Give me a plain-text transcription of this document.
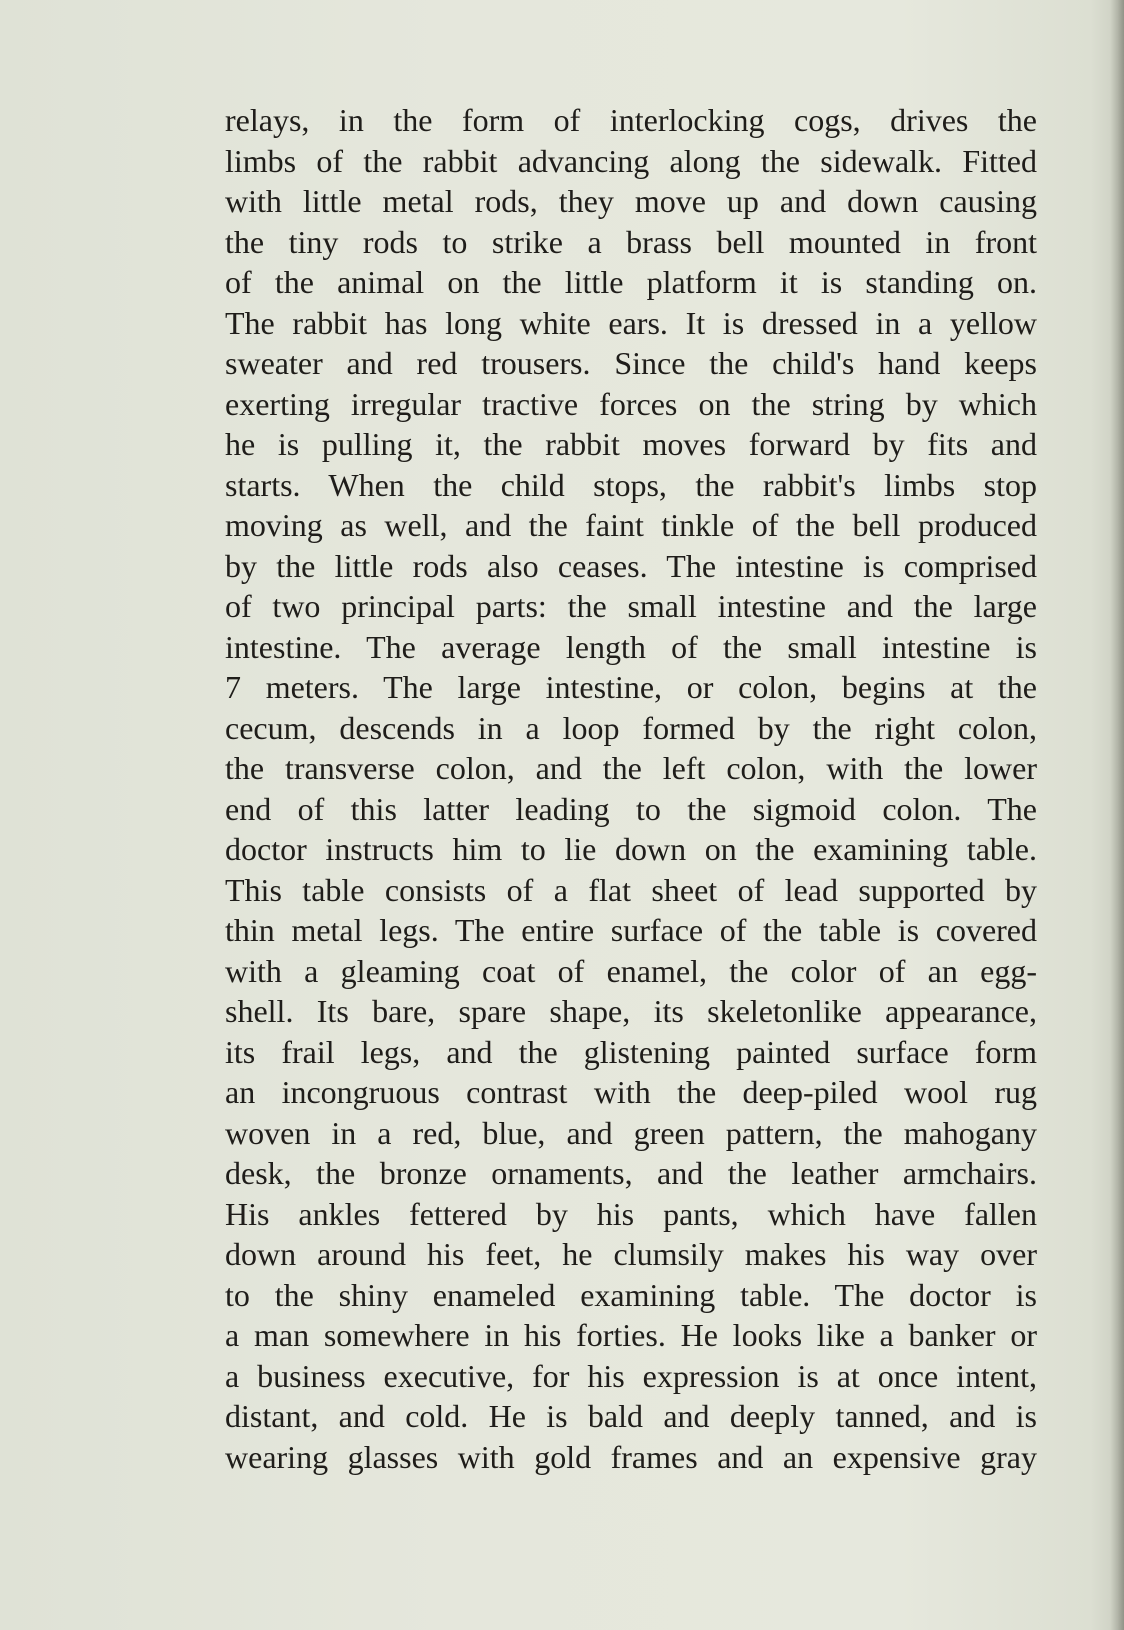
relays, in the form of interlocking cogs, drives the
limbs of the rabbit advancing along the sidewalk. Fitted
with little metal rods, they move up and down causing
the tiny rods to strike a brass bell mounted in front
of the animal on the little platform it is standing on.
The rabbit has long white ears. It is dressed in a yellow
sweater and red trousers. Since the child's hand keeps
exerting irregular tractive forces on the string by which
he is pulling it, the rabbit moves forward by fits and
starts. When the child stops, the rabbit's limbs stop
moving as well, and the faint tinkle of the bell produced
by the little rods also ceases. The intestine is comprised
of two principal parts: the small intestine and the large
intestine. The average length of the small intestine is
7 meters. The large intestine, or colon, begins at the
cecum, descends in a loop formed by the right colon,
the transverse colon, and the left colon, with the lower
end of this latter leading to the sigmoid colon. The
doctor instructs him to lie down on the examining table.
This table consists of a flat sheet of lead supported by
thin metal legs. The entire surface of the table is covered
with a gleaming coat of enamel, the color of an egg-
shell. Its bare, spare shape, its skeletonlike appearance,
its frail legs, and the glistening painted surface form
an incongruous contrast with the deep-piled wool rug
woven in a red, blue, and green pattern, the mahogany
desk, the bronze ornaments, and the leather armchairs.
His ankles fettered by his pants, which have fallen
down around his feet, he clumsily makes his way over
to the shiny enameled examining table. The doctor is
a man somewhere in his forties. He looks like a banker or
a business executive, for his expression is at once intent,
distant, and cold. He is bald and deeply tanned, and is
wearing glasses with gold frames and an expensive gray
